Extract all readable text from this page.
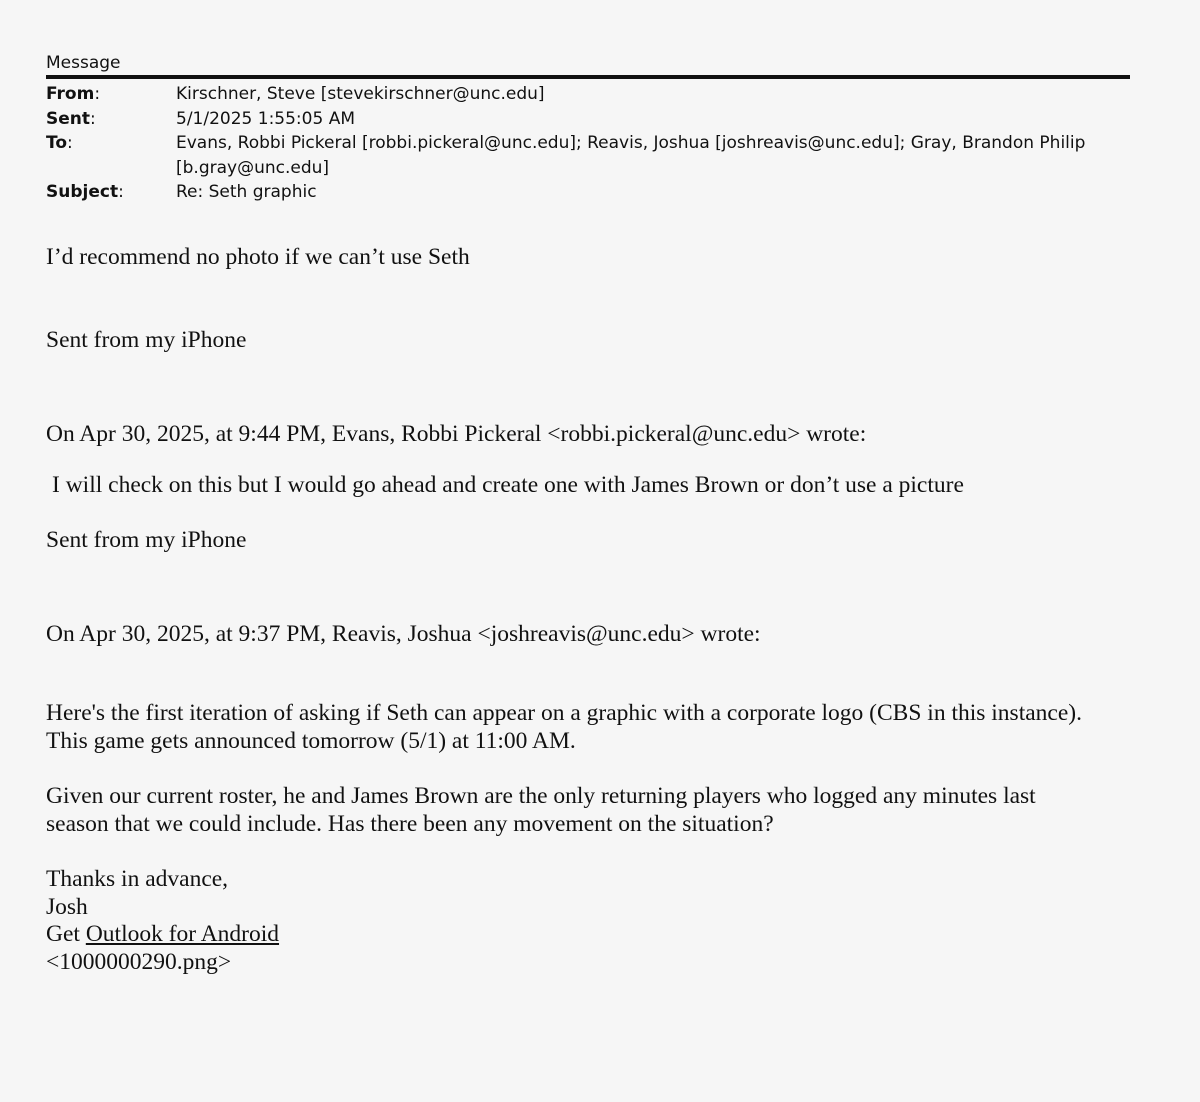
Message
From:	Kirschner, Steve [stevekirschner@unc.edu]
Sent:	5/1/2025 1:55:05 AM
To:	Evans, Robbi Pickeral [robbi.pickeral@unc.edu]; Reavis, Joshua [joshreavis@unc.edu]; Gray, Brandon Philip [b.gray@unc.edu]
Subject:	Re: Seth graphic
I’d recommend no photo if we can’t use Seth
Sent from my iPhone
On Apr 30, 2025, at 9:44 PM, Evans, Robbi Pickeral <robbi.pickeral@unc.edu> wrote:
I will check on this but I would go ahead and create one with James Brown or don’t use a picture
Sent from my iPhone
On Apr 30, 2025, at 9:37 PM, Reavis, Joshua <joshreavis@unc.edu> wrote:
Here's the first iteration of asking if Seth can appear on a graphic with a corporate logo (CBS in this instance).
This game gets announced tomorrow (5/1) at 11:00 AM.
Given our current roster, he and James Brown are the only returning players who logged any minutes last
season that we could include. Has there been any movement on the situation?
Thanks in advance,
Josh
Get Outlook for Android
<1000000290.png>
